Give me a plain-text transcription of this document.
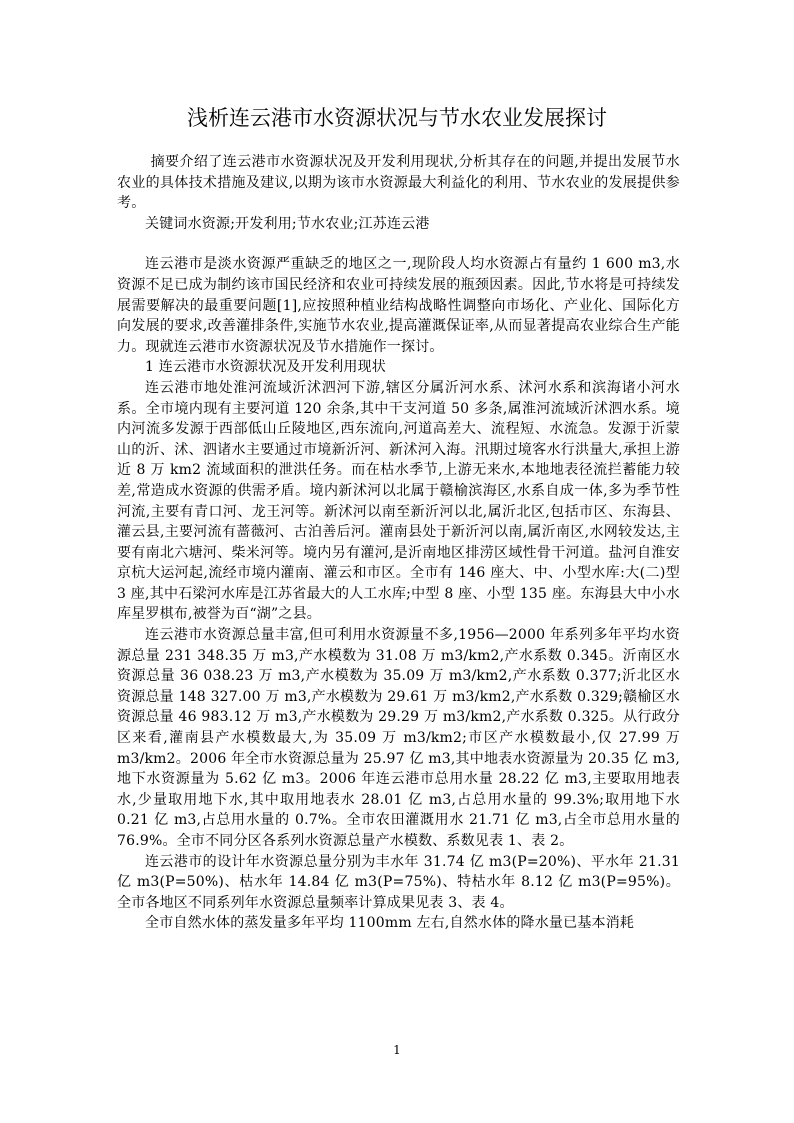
浅析连云港市水资源状况与节水农业发展探讨

摘要介绍了连云港市水资源状况及开发利用现状,分析其存在的问题,并提出发展节水农业的具体技术措施及建议,以期为该市水资源最大利益化的利用、节水农业的发展提供参考。

关键词水资源;开发利用;节水农业;江苏连云港

连云港市是淡水资源严重缺乏的地区之一,现阶段人均水资源占有量约 1 600 m3,水资源不足已成为制约该市国民经济和农业可持续发展的瓶颈因素。因此,节水将是可持续发展需要解决的最重要问题[1],应按照种植业结构战略性调整向市场化、产业化、国际化方向发展的要求,改善灌排条件,实施节水农业,提高灌溉保证率,从而显著提高农业综合生产能力。现就连云港市水资源状况及节水措施作一探讨。

1 连云港市水资源状况及开发利用现状

连云港市地处淮河流域沂沭泗河下游,辖区分属沂河水系、沭河水系和滨海诸小河水系。全市境内现有主要河道 120 余条,其中干支河道 50 多条,属淮河流域沂沭泗水系。境内河流多发源于西部低山丘陵地区,西东流向,河道高差大、流程短、水流急。发源于沂蒙山的沂、沭、泗诸水主要通过市境新沂河、新沭河入海。汛期过境客水行洪量大,承担上游近 8 万 km2 流域面积的泄洪任务。而在枯水季节,上游无来水,本地地表径流拦蓄能力较差,常造成水资源的供需矛盾。境内新沭河以北属于赣榆滨海区,水系自成一体,多为季节性河流,主要有青口河、龙王河等。新沭河以南至新沂河以北,属沂北区,包括市区、东海县、灌云县,主要河流有蔷薇河、古泊善后河。灌南县处于新沂河以南,属沂南区,水网较发达,主要有南北六塘河、柴米河等。境内另有灌河,是沂南地区排涝区域性骨干河道。盐河自淮安京杭大运河起,流经市境内灌南、灌云和市区。全市有 146 座大、中、小型水库:大(二)型 3 座,其中石梁河水库是江苏省最大的人工水库;中型 8 座、小型 135 座。东海县大中小水库星罗棋布,被誉为百“湖”之县。

连云港市水资源总量丰富,但可利用水资源量不多,1956—2000 年系列多年平均水资源总量 231 348.35 万 m3,产水模数为 31.08 万 m3/km2,产水系数 0.345。沂南区水资源总量 36 038.23 万 m3,产水模数为 35.09 万 m3/km2,产水系数 0.377;沂北区水资源总量 148 327.00 万 m3,产水模数为 29.61 万 m3/km2,产水系数 0.329;赣榆区水资源总量 46 983.12 万 m3,产水模数为 29.29 万 m3/km2,产水系数 0.325。从行政分区来看,灌南县产水模数最大,为 35.09 万 m3/km2;市区产水模数最小,仅 27.99 万 m3/km2。2006 年全市水资源总量为 25.97 亿 m3,其中地表水资源量为 20.35 亿 m3,地下水资源量为 5.62 亿 m3。2006 年连云港市总用水量 28.22 亿 m3,主要取用地表水,少量取用地下水,其中取用地表水 28.01 亿 m3,占总用水量的 99.3%;取用地下水 0.21 亿 m3,占总用水量的 0.7%。全市农田灌溉用水 21.71 亿 m3,占全市总用水量的 76.9%。全市不同分区各系列水资源总量产水模数、系数见表 1、表 2。

连云港市的设计年水资源总量分别为丰水年 31.74 亿 m3(P=20%)、平水年 21.31 亿 m3(P=50%)、枯水年 14.84 亿 m3(P=75%)、特枯水年 8.12 亿 m3(P=95%)。全市各地区不同系列年水资源总量频率计算成果见表 3、表 4。

全市自然水体的蒸发量多年平均 1100mm 左右,自然水体的降水量已基本消耗

1
